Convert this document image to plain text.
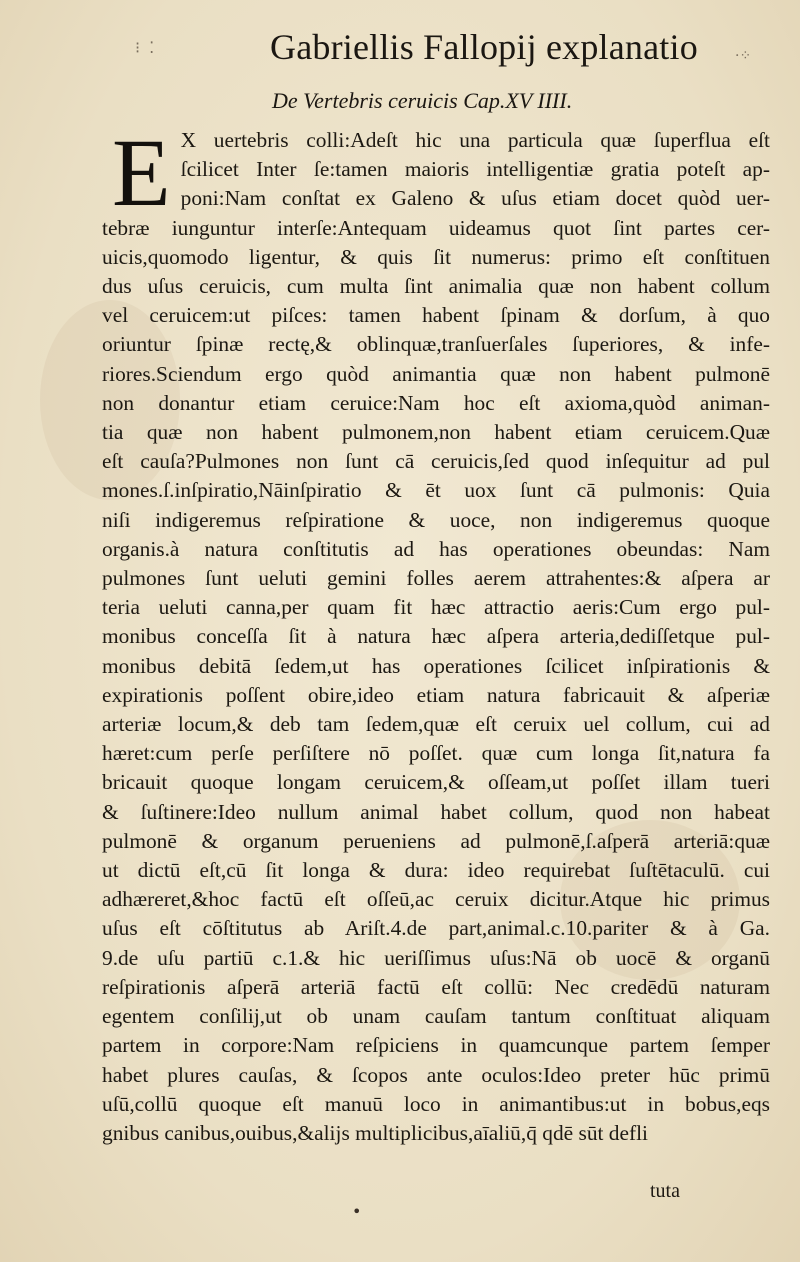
⁝ ⁚	Gabriellis Fallopij explanatio	·⁘
De Vertebris ceruicis Cap.XV IIII.
E X uertebris colli:Adeſt hic una particula quæ ſuperflua eſt
ſcilicet Inter ſe:tamen maioris intelligentiæ gratia poteſt ap-
poni:Nam conſtat ex Galeno & uſus etiam docet quòd uer-
tebræ iunguntur interſe:Antequam uideamus quot ſint partes cer-
uicis,quomodo ligentur, & quis ſit numerus: primo eſt conſtituen
dus uſus ceruicis, cum multa ſint animalia quæ non habent collum
vel ceruicem:ut piſces: tamen habent ſpinam & dorſum, à quo
oriuntur ſpinæ rectę,& oblinquæ,tranſuerſales ſuperiores, & infe-
riores.Sciendum ergo quòd animantia quæ non habent pulmonē
non donantur etiam ceruice:Nam hoc eſt axioma,quòd animan-
tia quæ non habent pulmonem,non habent etiam ceruicem.Quæ
eſt cauſa?Pulmones non ſunt cā ceruicis,ſed quod inſequitur ad pul
mones.ſ.inſpiratio,Nāinſpiratio & ēt uox ſunt cā pulmonis: Quia
niſi indigeremus reſpiratione & uoce, non indigeremus quoque
organis.à natura conſtitutis ad has operationes obeundas: Nam
pulmones ſunt ueluti gemini folles aerem attrahentes:& aſpera ar
teria ueluti canna,per quam fit hæc attractio aeris:Cum ergo pul-
monibus conceſſa ſit à natura hæc aſpera arteria,dediſſetque pul-
monibus debitā ſedem,ut has operationes ſcilicet inſpirationis &
expirationis poſſent obire,ideo etiam natura fabricauit & aſperiæ
arteriæ locum,& deb tam ſedem,quæ eſt ceruix uel collum, cui ad
hæret:cum perſe perſiſtere nō poſſet. quæ cum longa ſit,natura fa
bricauit quoque longam ceruicem,& oſſeam,ut poſſet illam tueri
& ſuſtinere:Ideo nullum animal habet collum, quod non habeat
pulmonē & organum perueniens ad pulmonē,ſ.aſperā arteriā:quæ
ut dictū eſt,cū ſit longa & dura: ideo requirebat ſuſtētaculū. cui
adhæreret,&hoc factū eſt oſſeū,ac ceruix dicitur.Atque hic primus
uſus eſt cōſtitutus ab Ariſt.4.de part,animal.c.10.pariter & à Ga.
9.de uſu partiū c.1.& hic ueriſſimus uſus:Nā ob uocē & organū
reſpirationis aſperā arteriā factū eſt collū: Nec credēdū naturam
egentem conſilij,ut ob unam cauſam tantum conſtituat aliquam
partem in corpore:Nam reſpiciens in quamcunque partem ſemper
habet plures cauſas, & ſcopos ante oculos:Ideo preter hūc primū
uſū,collū quoque eſt manuū loco in animantibus:ut in bobus,eqs
gnibus canibus,ouibus,&alijs multiplicibus,aīaliū,q̄ qdē sūt defli
tuta
•
